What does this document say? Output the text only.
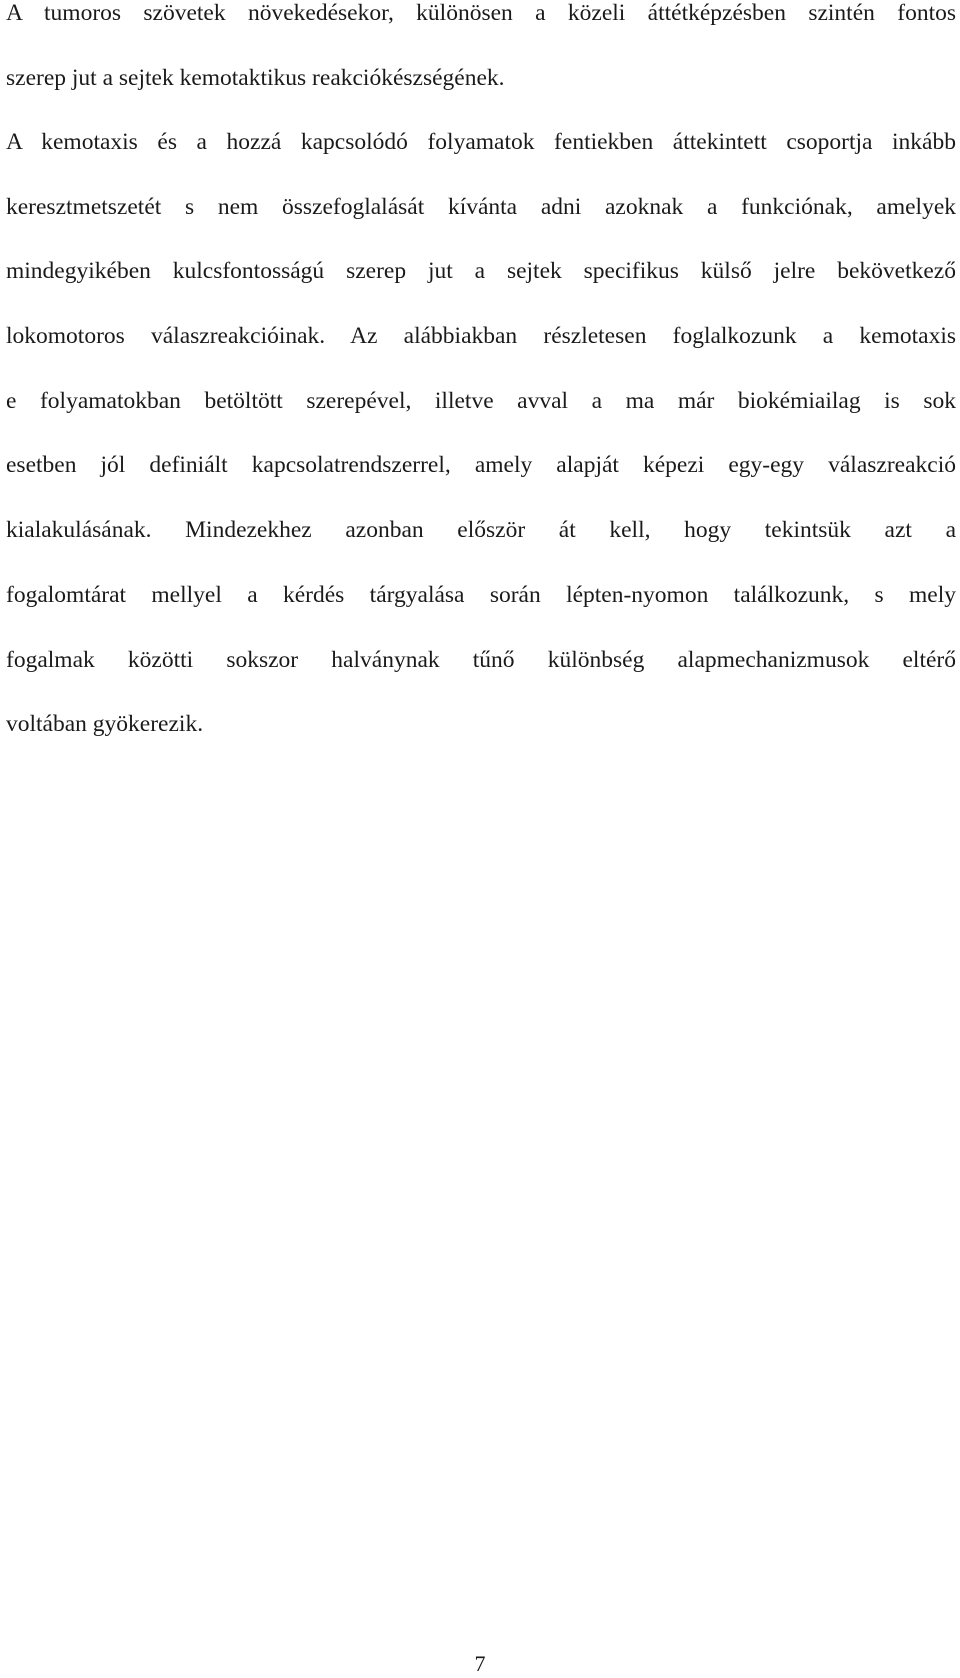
A tumoros szövetek növekedésekor, különösen a közeli áttétképzésben szintén fontos
szerep jut a sejtek kemotaktikus reakciókészségének.
A kemotaxis és a hozzá kapcsolódó folyamatok fentiekben áttekintett csoportja inkább
keresztmetszetét s nem összefoglalását kívánta adni azoknak a funkciónak, amelyek
mindegyikében kulcsfontosságú szerep jut a sejtek specifikus külső jelre bekövetkező
lokomotoros válaszreakcióinak. Az alábbiakban részletesen foglalkozunk a kemotaxis
e folyamatokban betöltött szerepével, illetve avval a ma már biokémiailag is sok
esetben jól definiált kapcsolatrendszerrel, amely alapját képezi egy-egy válaszreakció
kialakulásának. Mindezekhez azonban először át kell, hogy tekintsük azt a
fogalomtárat mellyel a kérdés tárgyalása során lépten-nyomon találkozunk, s mely
fogalmak közötti sokszor halványnak tűnő különbség alapmechanizmusok eltérő
voltában gyökerezik.
7
